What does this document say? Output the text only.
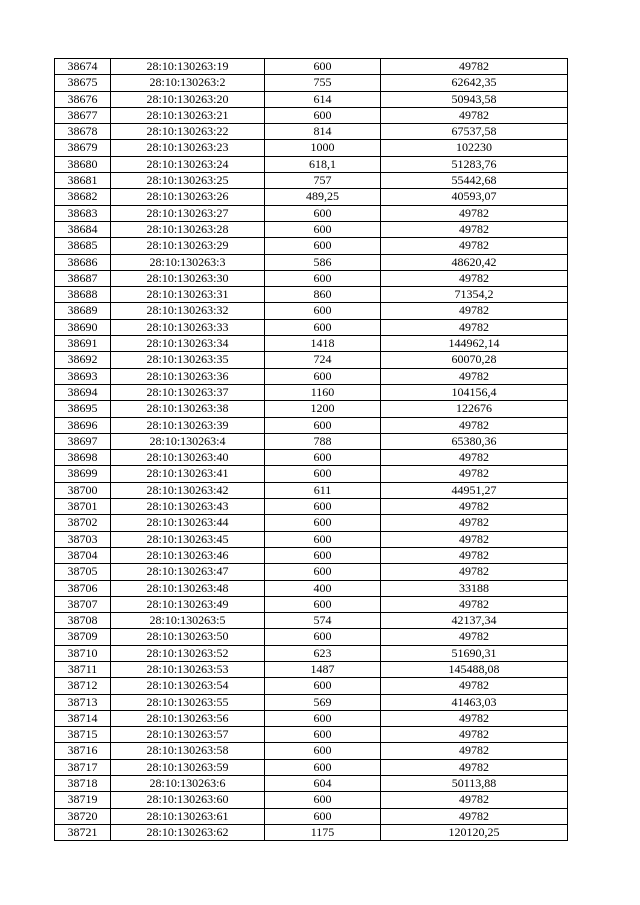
38674	28:10:130263:19	600	49782
38675	28:10:130263:2	755	62642,35
38676	28:10:130263:20	614	50943,58
38677	28:10:130263:21	600	49782
38678	28:10:130263:22	814	67537,58
38679	28:10:130263:23	1000	102230
38680	28:10:130263:24	618,1	51283,76
38681	28:10:130263:25	757	55442,68
38682	28:10:130263:26	489,25	40593,07
38683	28:10:130263:27	600	49782
38684	28:10:130263:28	600	49782
38685	28:10:130263:29	600	49782
38686	28:10:130263:3	586	48620,42
38687	28:10:130263:30	600	49782
38688	28:10:130263:31	860	71354,2
38689	28:10:130263:32	600	49782
38690	28:10:130263:33	600	49782
38691	28:10:130263:34	1418	144962,14
38692	28:10:130263:35	724	60070,28
38693	28:10:130263:36	600	49782
38694	28:10:130263:37	1160	104156,4
38695	28:10:130263:38	1200	122676
38696	28:10:130263:39	600	49782
38697	28:10:130263:4	788	65380,36
38698	28:10:130263:40	600	49782
38699	28:10:130263:41	600	49782
38700	28:10:130263:42	611	44951,27
38701	28:10:130263:43	600	49782
38702	28:10:130263:44	600	49782
38703	28:10:130263:45	600	49782
38704	28:10:130263:46	600	49782
38705	28:10:130263:47	600	49782
38706	28:10:130263:48	400	33188
38707	28:10:130263:49	600	49782
38708	28:10:130263:5	574	42137,34
38709	28:10:130263:50	600	49782
38710	28:10:130263:52	623	51690,31
38711	28:10:130263:53	1487	145488,08
38712	28:10:130263:54	600	49782
38713	28:10:130263:55	569	41463,03
38714	28:10:130263:56	600	49782
38715	28:10:130263:57	600	49782
38716	28:10:130263:58	600	49782
38717	28:10:130263:59	600	49782
38718	28:10:130263:6	604	50113,88
38719	28:10:130263:60	600	49782
38720	28:10:130263:61	600	49782
38721	28:10:130263:62	1175	120120,25
